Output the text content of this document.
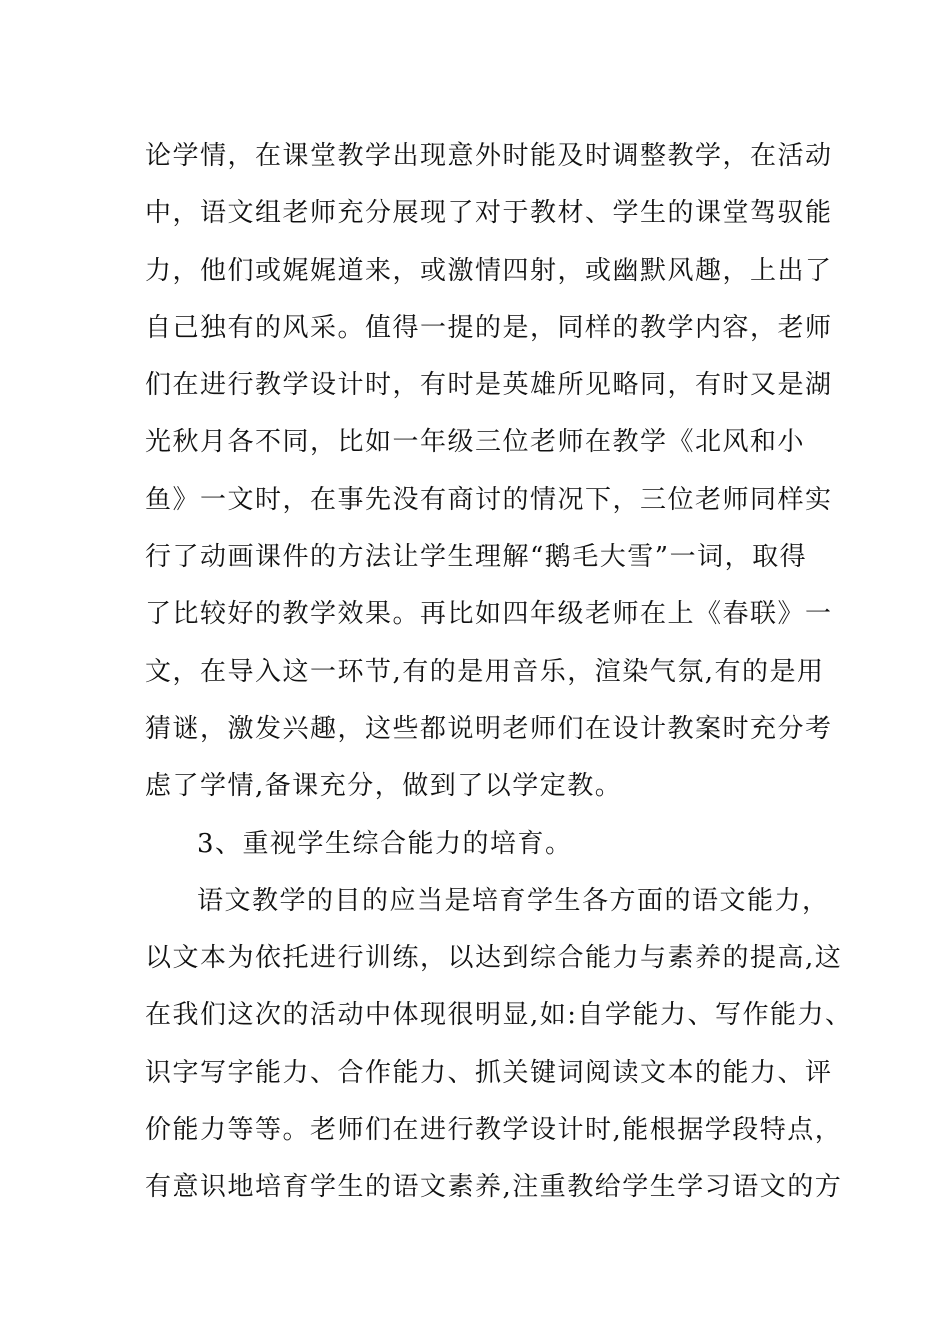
论学情，在课堂教学出现意外时能及时调整教学，在活动
中，语文组老师充分展现了对于教材、学生的课堂驾驭能
力，他们或娓娓道来，或激情四射，或幽默风趣，上出了
自己独有的风采。值得一提的是，同样的教学内容，老师
们在进行教学设计时，有时是英雄所见略同，有时又是湖
光秋月各不同，比如一年级三位老师在教学《北风和小
鱼》一文时，在事先没有商讨的情况下，三位老师同样实
行了动画课件的方法让学生理解“鹅毛大雪”一词，取得
了比较好的教学效果。再比如四年级老师在上《春联》一
文，在导入这一环节,有的是用音乐，渲染气氛,有的是用
猜谜，激发兴趣，这些都说明老师们在设计教案时充分考
虑了学情,备课充分，做到了以学定教。
3、重视学生综合能力的培育。
语文教学的目的应当是培育学生各方面的语文能力，
以文本为依托进行训练，以达到综合能力与素养的提高,这
在我们这次的活动中体现很明显,如:自学能力、写作能力、
识字写字能力、合作能力、抓关键词阅读文本的能力、评
价能力等等。老师们在进行教学设计时,能根据学段特点，
有意识地培育学生的语文素养,注重教给学生学习语文的方
